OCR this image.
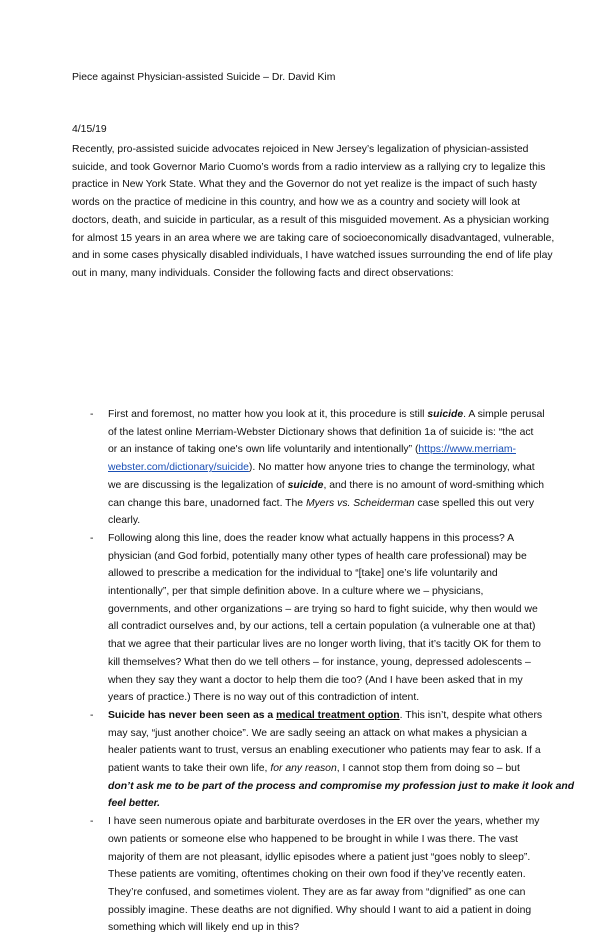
Piece against Physician-assisted Suicide – Dr. David Kim
4/15/19
Recently, pro-assisted suicide advocates rejoiced in New Jersey’s legalization of physician-assisted
suicide, and took Governor Mario Cuomo’s words from a radio interview as a rallying cry to legalize this
practice in New York State. What they and the Governor do not yet realize is the impact of such hasty
words on the practice of medicine in this country, and how we as a country and society will look at
doctors, death, and suicide in particular, as a result of this misguided movement. As a physician working
for almost 15 years in an area where we are taking care of socioeconomically disadvantaged, vulnerable,
and in some cases physically disabled individuals, I have watched issues surrounding the end of life play
out in many, many individuals. Consider the following facts and direct observations:
- First and foremost, no matter how you look at it, this procedure is still suicide. A simple perusal
of the latest online Merriam-Webster Dictionary shows that definition 1a of suicide is: “the act
or an instance of taking one's own life voluntarily and intentionally” (https://www.merriam-
webster.com/dictionary/suicide). No matter how anyone tries to change the terminology, what
we are discussing is the legalization of suicide, and there is no amount of word-smithing which
can change this bare, unadorned fact. The Myers vs. Scheiderman case spelled this out very
clearly.
- Following along this line, does the reader know what actually happens in this process? A
physician (and God forbid, potentially many other types of health care professional) may be
allowed to prescribe a medication for the individual to “[take] one’s life voluntarily and
intentionally”, per that simple definition above. In a culture where we – physicians,
governments, and other organizations – are trying so hard to fight suicide, why then would we
all contradict ourselves and, by our actions, tell a certain population (a vulnerable one at that)
that we agree that their particular lives are no longer worth living, that it’s tacitly OK for them to
kill themselves? What then do we tell others – for instance, young, depressed adolescents –
when they say they want a doctor to help them die too? (And I have been asked that in my
years of practice.) There is no way out of this contradiction of intent.
- Suicide has never been seen as a medical treatment option. This isn’t, despite what others
may say, “just another choice”. We are sadly seeing an attack on what makes a physician a
healer patients want to trust, versus an enabling executioner who patients may fear to ask. If a
patient wants to take their own life, for any reason, I cannot stop them from doing so – but
don’t ask me to be part of the process and compromise my profession just to make it look and
feel better.
- I have seen numerous opiate and barbiturate overdoses in the ER over the years, whether my
own patients or someone else who happened to be brought in while I was there. The vast
majority of them are not pleasant, idyllic episodes where a patient just “goes nobly to sleep”.
These patients are vomiting, oftentimes choking on their own food if they’ve recently eaten.
They’re confused, and sometimes violent. They are as far away from “dignified” as one can
possibly imagine. These deaths are not dignified. Why should I want to aid a patient in doing
something which will likely end up in this?
